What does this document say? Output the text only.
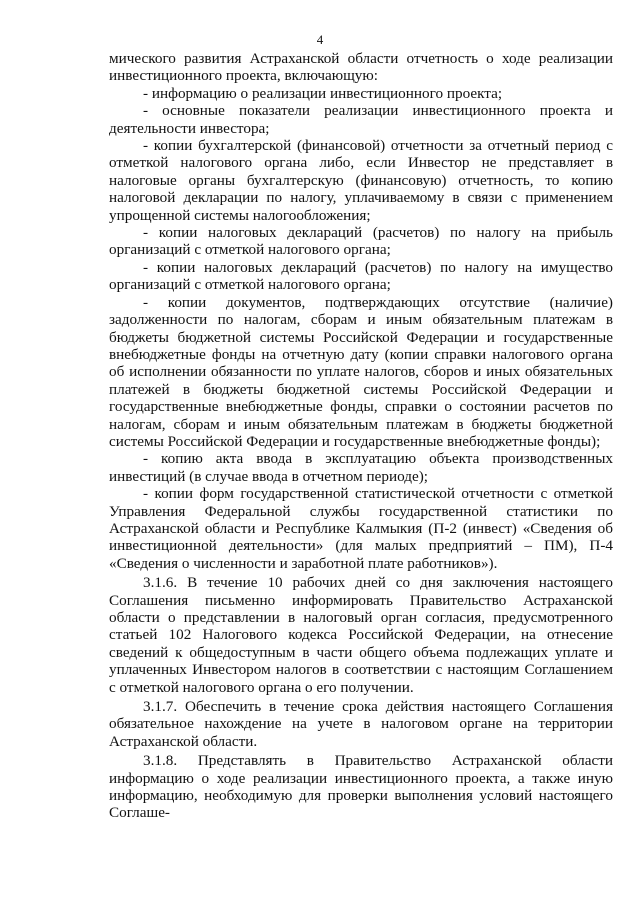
4

мического развития Астраханской области отчетность о ходе реализации инвестиционного проекта, включающую:

- информацию о реализации инвестиционного проекта;

- основные показатели реализации инвестиционного проекта и деятельности инвестора;

- копии бухгалтерской (финансовой) отчетности за отчетный период с отметкой налогового органа либо, если Инвестор не представляет в налоговые органы бухгалтерскую (финансовую) отчетность, то копию налоговой декларации по налогу, уплачиваемому в связи с применением упрощенной системы налогообложения;

- копии налоговых деклараций (расчетов) по налогу на прибыль организаций с отметкой налогового органа;

- копии налоговых деклараций (расчетов) по налогу на имущество организаций с отметкой налогового органа;

- копии документов, подтверждающих отсутствие (наличие) задолженности по налогам, сборам и иным обязательным платежам в бюджеты бюджетной системы Российской Федерации и государственные внебюджетные фонды на отчетную дату (копии справки налогового органа об исполнении обязанности по уплате налогов, сборов и иных обязательных платежей в бюджеты бюджетной системы Российской Федерации и государственные внебюджетные фонды, справки о состоянии расчетов по налогам, сборам и иным обязательным платежам в бюджеты бюджетной системы Российской Федерации и государственные внебюджетные фонды);

- копию акта ввода в эксплуатацию объекта производственных инвестиций (в случае ввода в отчетном периоде);

- копии форм государственной статистической отчетности с отметкой Управления Федеральной службы государственной статистики по Астраханской области и Республике Калмыкия (П-2 (инвест) «Сведения об инвестиционной деятельности» (для малых предприятий – ПМ), П-4 «Сведения о численности и заработной плате работников»).

3.1.6. В течение 10 рабочих дней со дня заключения настоящего Соглашения письменно информировать Правительство Астраханской области о представлении в налоговый орган согласия, предусмотренного статьей 102 Налогового кодекса Российской Федерации, на отнесение сведений к общедоступным в части общего объема подлежащих уплате и уплаченных Инвестором налогов в соответствии с настоящим Соглашением с отметкой налогового органа о его получении.

3.1.7. Обеспечить в течение срока действия настоящего Соглашения обязательное нахождение на учете в налоговом органе на территории Астраханской области.

3.1.8. Представлять в Правительство Астраханской области информацию о ходе реализации инвестиционного проекта, а также иную информацию, необходимую для проверки выполнения условий настоящего Соглаше-
